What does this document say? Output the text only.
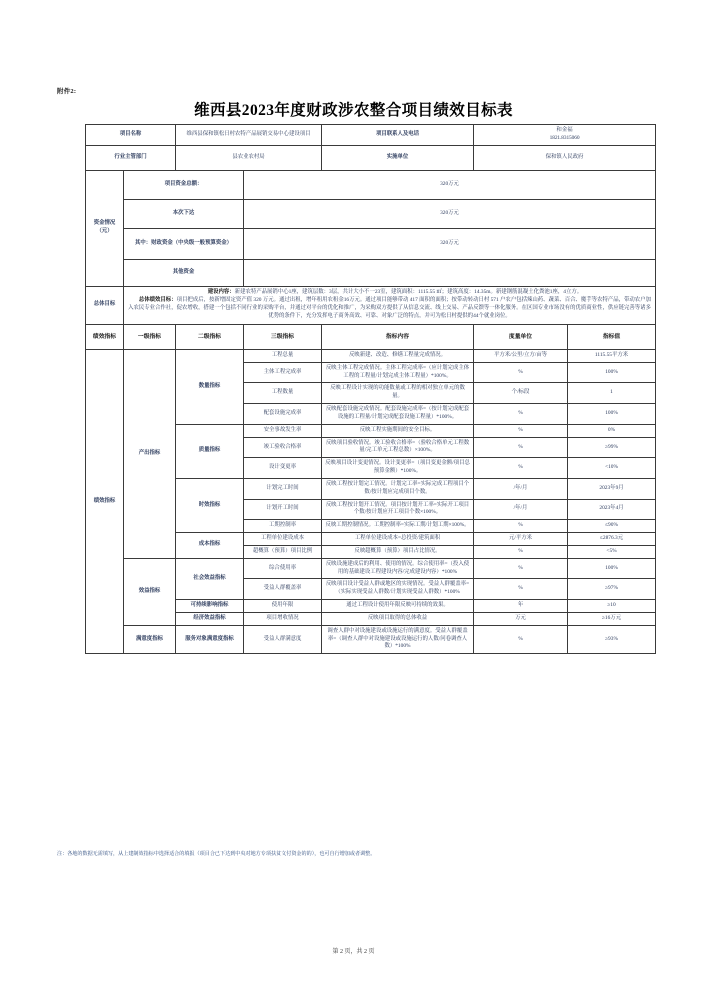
附件2:
维西县2023年度财政涉农整合项目绩效目标表
项目名称		维西县保和镇松日村农特产品展销交易中心建设项目		项目联系人及电话	和金福
1821.8315060	

行业主管部门		县农业农村局		实施单位	保和镇人民政府	
资金情况（元）	项目资金总额：		320万元			
	本次下达		320万元			
	其中：财政资金（中央级一般预算资金）		320万元			
	其他资金					
总体目标	建设内容：新建农特产品展销中心1座，建筑层数：3层，共计大小不一23室，建筑面积：1115.55 ㎡；建筑高度：14.35m。新建钢筋混凝土化粪池1座，4立方。

总体绩效目标：项目把成后，按新增固定资产值 320 万元。通过出租，增年租用农租金16万元。通过项目能够带动 417 面积的面积；按带动转动日村 571 户农户包括辣山药、蔬菜、百合、魔芋等农特产品，带动农户加入农民专业合作社，促农增收，搭建一个包括不同行业的采购平台，并通过对平台的优化和推广，为采购双方提供了从信息交流、线上交易、产品反馈等一体化服务。在区国专业市场没有的优质商业性，供应链完善等诸多优势的条件下，充分发挥电子商务高效、可靠、对象广泛的特点，并可为松日村提供的44个就业岗位。					

绩效指标	一级指标	二级指标	三级指标	指标内容	度量单位	指标值
绩效指标	产出指标	数量指标	工程总量	反映新建、改造、修缮工程量完成情况。	平方米/公里/立方/亩等	1115.55平方米
			主体工程完成率	反映主体工程完成情况。主体工程完成率=（应计划完成主体工程的工程量/计划完成主体工程量）*100%。	%	100%
			工程数量	反映工程设计实现的功能数量或工程的相对独立单元的数量。	个/标段	1
			配套设施完成率	反映配套设施完成情况。配套设施完成率=（按计划完成配套设施的工程量/计划完成配套设施工程量）*100%。	%	100%
		质量指标	安全事故发生率	反映工程实施期间的安全目标。	%	0%
			竣工验收合格率	反映项目验收情况。竣工验收合格率=（验收合格单元工程数量/完工单元工程总数）×100%。	%	≥99%
			设计变更率	反映项目设计变更情况。设计变更率=（项目变更金额/项目总预算金额）*100%。	%	<10%
		时效指标	计划完工时间	反映工程按计划完工情况。计划完工率=实际完成工程项目个数/按计划应完成项目个数。	/年/月	2023年9月
			计划开工时间	反映工程按计划开工情况。项目按计划开工率=实际开工项目个数/按计划应开工项目个数×100%。	/年/月	2023年4月
			工期控制率	反映工期控制情况。工期控制率=实际工期/计划工期×100%。	%	≤90%
		成本指标	工程单位建设成本	工程单位建设成本=总投资/建筑面积	元/平方米	≤2876.3元
			超概算（预算）项目比例	反映超概算（预算）项目占比情况。	%	<5%
	效益指标	社会效益指标	综合使用率	反映设施建成后的利用、使用的情况。综合使用率=（投入使用的基础建设工程建设内容/完成建设内容）*100%	%	100%
			受益人群覆盖率	反映项目设计受益人群或地区的实现情况。受益人群覆盖率=（实际实现受益人群数/计划实现受益人群数）*100%	%	≥97%
		可持续影响指标	使用年限	通过工程设计使用年限反映可持续的效果。	年	≥10
		经济效益指标	项目增收情况	反映项目取得的总体收益	万元	≥16万元
	满意度指标	服务对象满意度指标	受益人群满意度	调查人群中对设施建设或设施运行的满意度。受益人群覆盖率=（调查人群中对设施建设或设施运行的人数/问卷调查人数）*100%	%	≥93%
注：各地的数据无需填写，从上建制效指标中选择适合的填报（项目合已下达到中央对地方专项扶贫文付资金的的），也可自行增加或者调整。
第 2 页，共 2 页
